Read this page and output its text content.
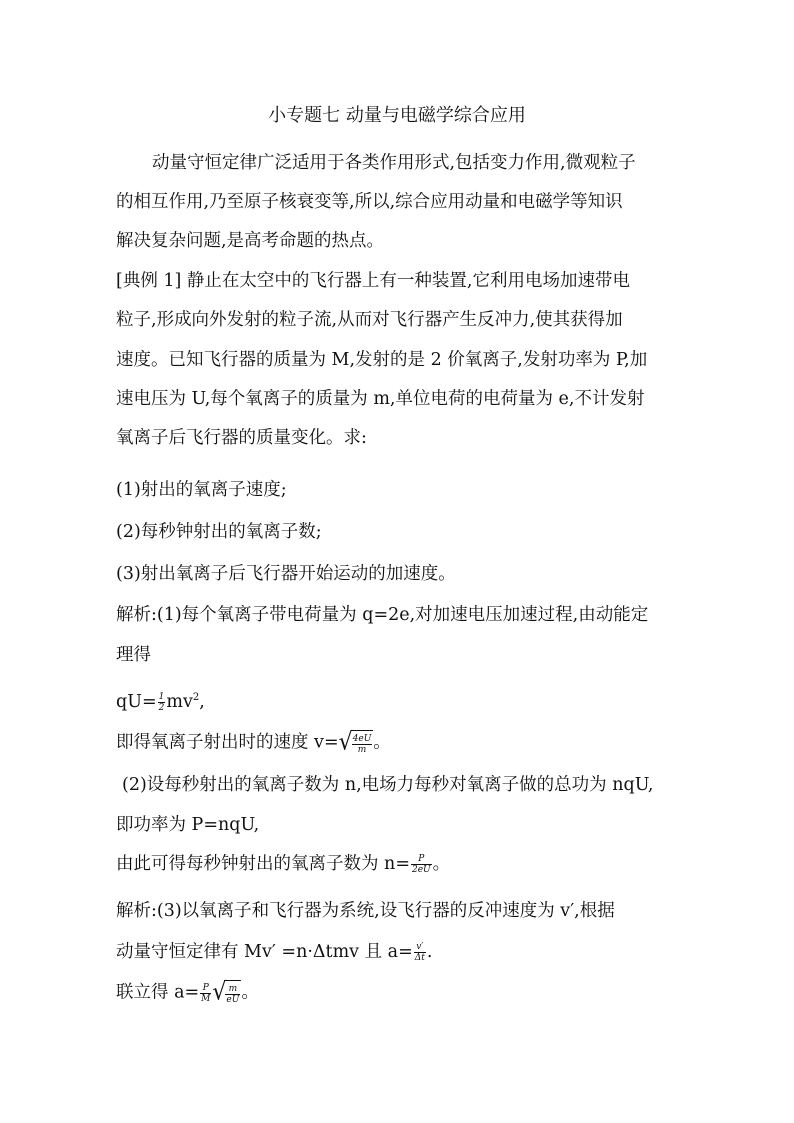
小专题七 动量与电磁学综合应用
动量守恒定律广泛适用于各类作用形式,包括变力作用,微观粒子
的相互作用,乃至原子核衰变等,所以,综合应用动量和电磁学等知识
解决复杂问题,是高考命题的热点。
[典例 1] 静止在太空中的飞行器上有一种装置,它利用电场加速带电
粒子,形成向外发射的粒子流,从而对飞行器产生反冲力,使其获得加
速度。已知飞行器的质量为 M,发射的是 2 价氧离子,发射功率为 P,加
速电压为 U,每个氧离子的质量为 m,单位电荷的电荷量为 e,不计发射
氧离子后飞行器的质量变化。求:
(1)射出的氧离子速度;
(2)每秒钟射出的氧离子数;
(3)射出氧离子后飞行器开始运动的加速度。
解析:(1)每个氧离子带电荷量为 q=2e,对加速电压加速过程,由动能定
理得
$qU= \frac{1}{2} mv^2$,
即得氧离子射出时的速度 $v=√ \frac{4eU}{m}$ 。
(2)设每秒射出的氧离子数为 n,电场力每秒对氧离子做的总功为 nqU,
即功率为 P=nqU,
由此可得每秒钟射出的氧离子数为 $n= \frac{P}{2eU}$ 。
解析:(3)以氧离子和飞行器为系统,设飞行器的反冲速度为 v′,根据
动量守恒定律有 Mv′ =n·Δtmv 且 $a= \frac{v'}{\Delta t}$ .
联立得 $a= \frac{P}{M}$ √ $\frac{m}{eU}$ 。
